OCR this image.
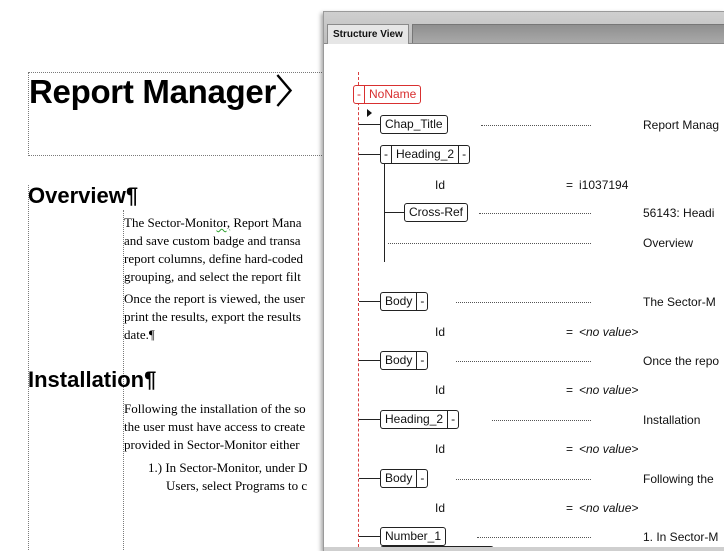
Report Manager〉
Overview¶
The Sector-Monitor, Report Mana
and save custom badge and transa
report columns, define hard-coded
grouping, and select the report filt
Once the report is viewed, the user
print the results, export the results
date.¶
Installation¶
Following the installation of the so
the user must have access to create
provided in Sector-Monitor either
1.) In Sector-Monitor, under D
Users, select Programs to c
Structure View
- NoName
Chap_Title	Report Manag
- Heading_2 -
Id	= i1037194
Cross-Ref	56143: Headi
Overview
Body -	The Sector-M
Id	= <no value>
Body -	Once the repo
Id	= <no value>
Heading_2 -	Installation
Id	= <no value>
Body -	Following the
Id	= <no value>
Number_1	1. In Sector-M
